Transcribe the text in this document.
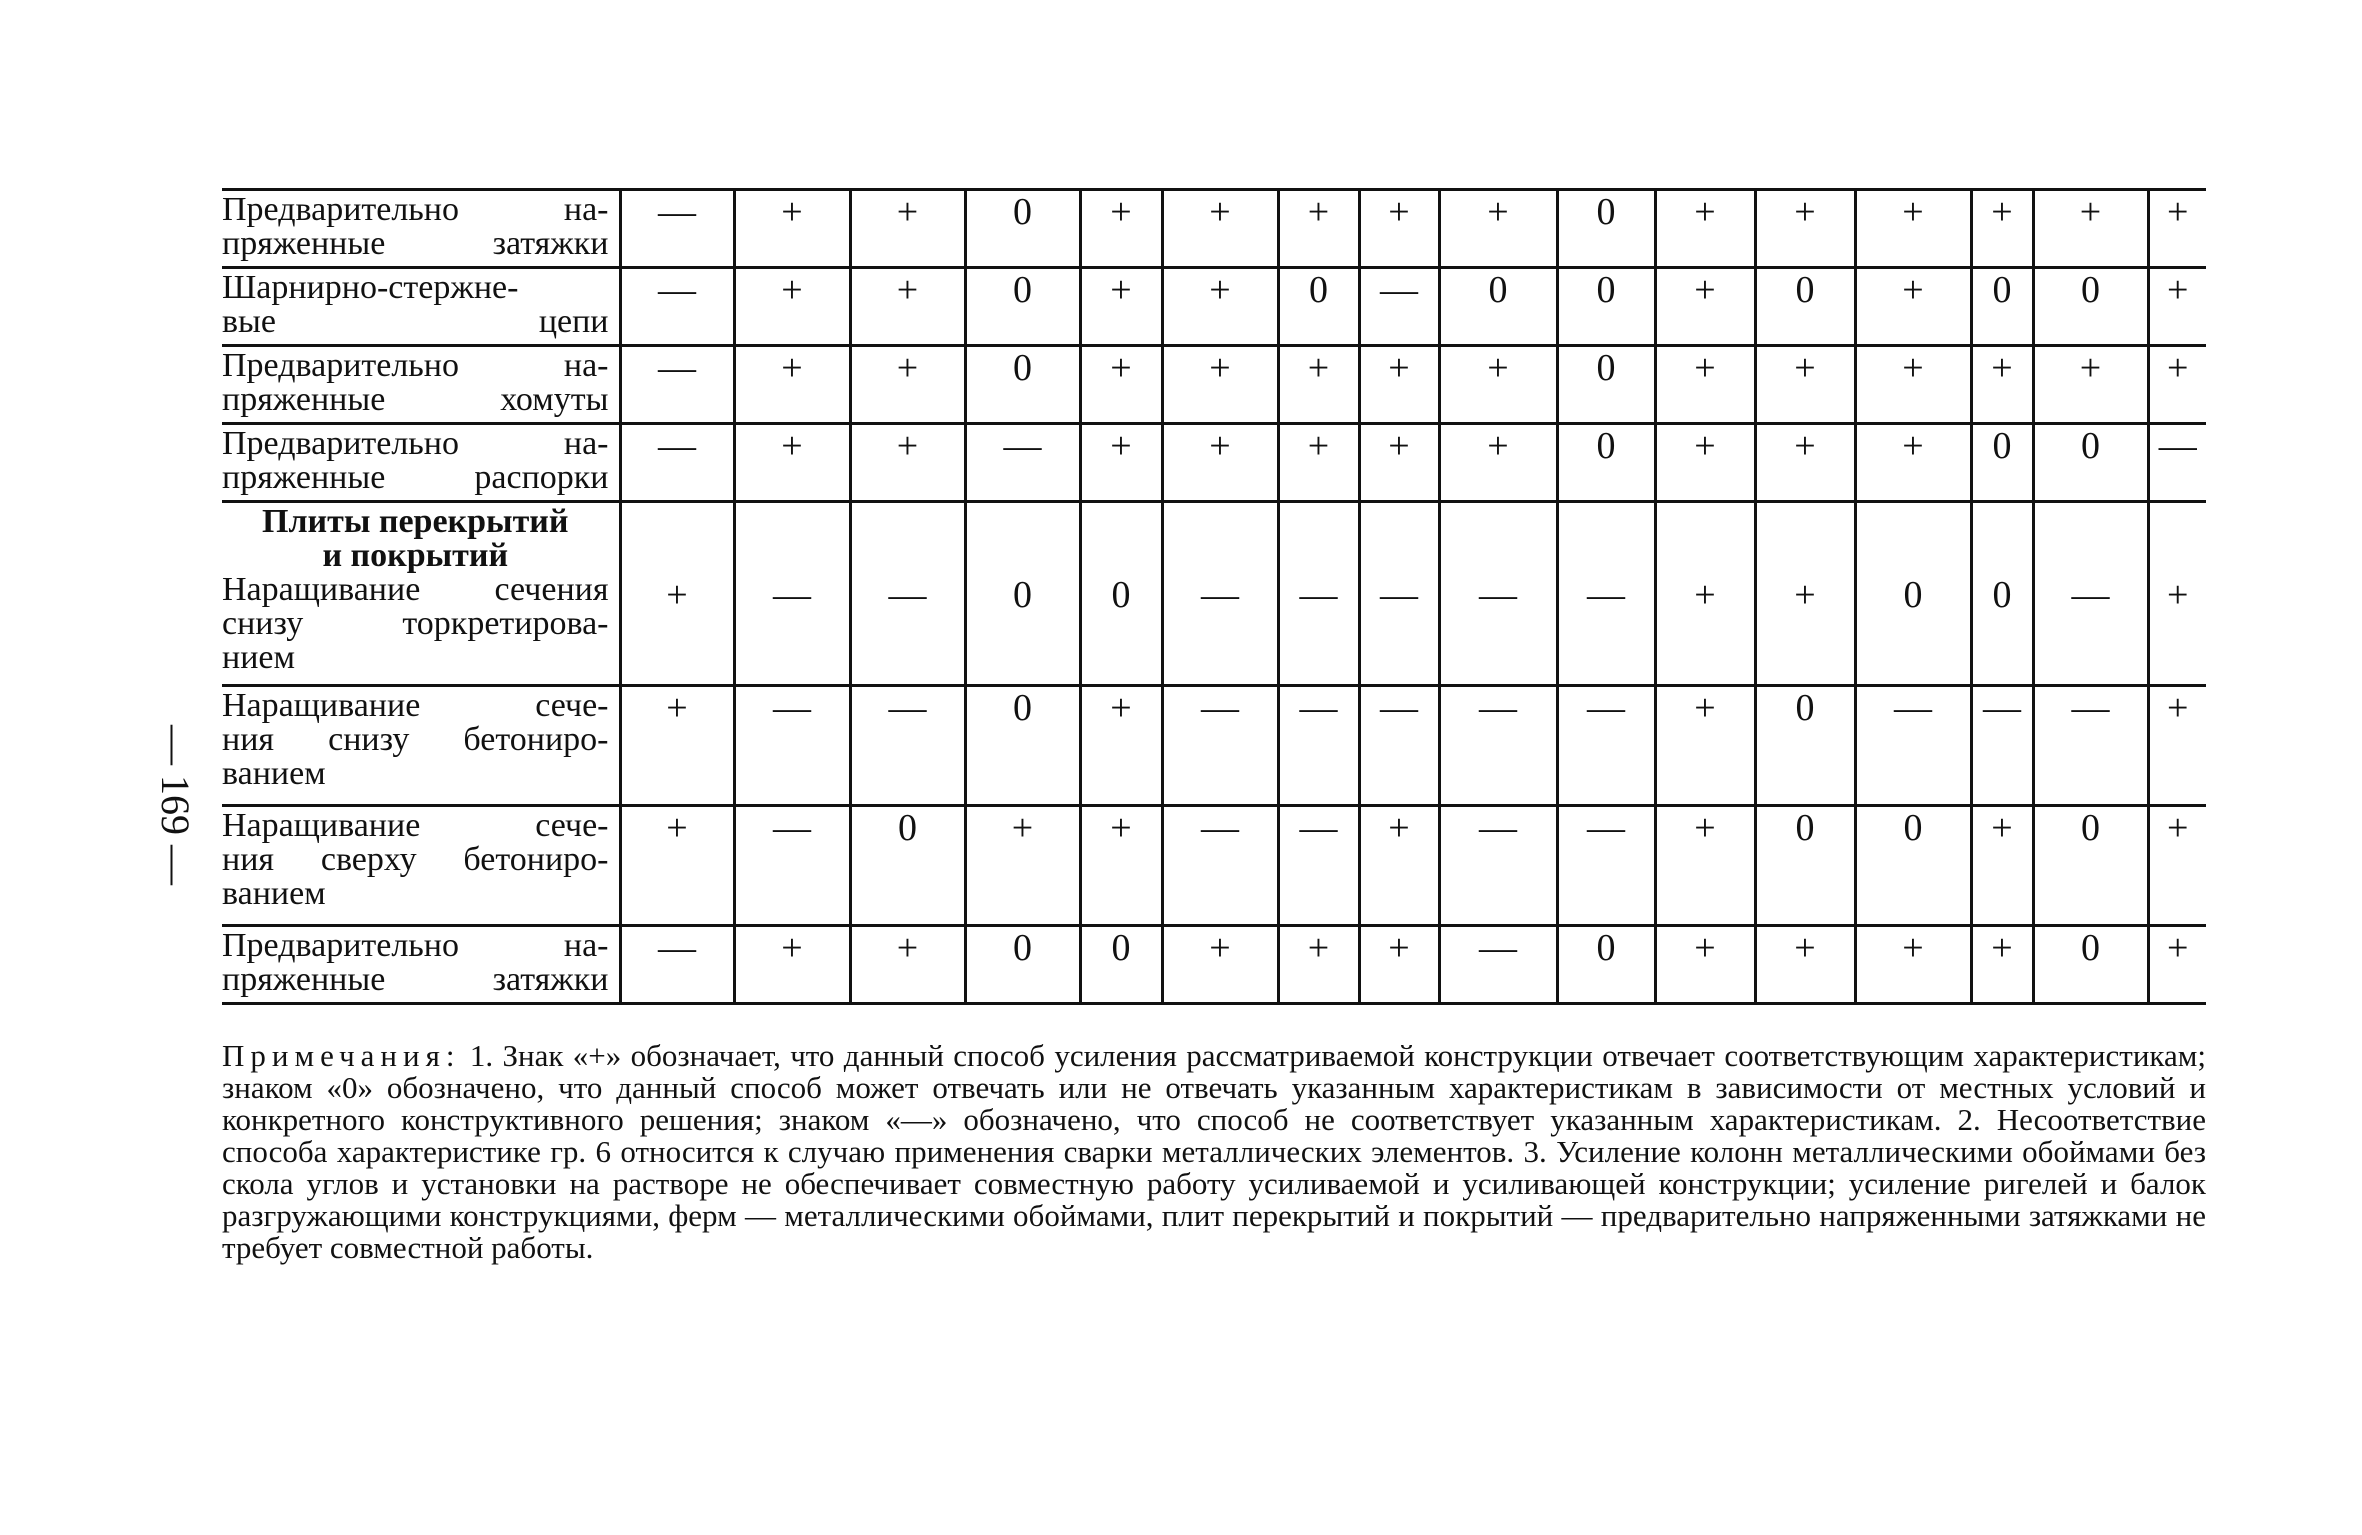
— 169 —
Предварительно на-
пряженные затяжки	—	+	+	0	+	+	+	+	+	0	+	+	+	+	+	+

Шарнирно-стержне-
вые цепи	—	+	+	0	+	+	0	—	0	0	+	0	+	0	0	+

Предварительно на-
пряженные хомуты	—	+	+	0	+	+	+	+	+	0	+	+	+	+	+	+

Предварительно на-
пряженные распорки	—	+	+	—	+	+	+	+	+	0	+	+	+	0	0	—

Плиты перекрытий
и покрытий
Наращивание сечения
снизу торкретирова-
нием	+	—	—	0	0	—	—	—	—	—	+	+	0	0	—	+

Наращивание сече-
ния снизу бетониро-
ванием	+	—	—	0	+	—	—	—	—	—	+	0	—	—	—	+

Наращивание сече-
ния сверху бетониро-
ванием	+	—	0	+	+	—	—	+	—	—	+	0	0	+	0	+

Предварительно на-
пряженные затяжки	—	+	+	0	0	+	+	+	—	0	+	+	+	+	0	+
Примечания: 1. Знак «+» обозначает, что данный способ усиления рассматриваемой конструкции отвечает соответствующим характеристикам; знаком «0» обозначено, что данный способ может отвечать или не отвечать указанным характеристикам в зависимости от местных условий и конкретного конструктивного решения; знаком «—» обозначено, что способ не соответствует указанным характеристикам. 2. Несоответствие способа характеристике гр. 6 относится к случаю применения сварки металлических элементов. 3. Усиление колонн металлическими обоймами без скола углов и установки на растворе не обеспечивает совместную работу усиливаемой и усиливающей конструкции; усиление ригелей и балок разгружающими конструкциями, ферм — металлическими обоймами, плит перекрытий и покрытий — предварительно напряженными затяжками не требует совместной работы.
